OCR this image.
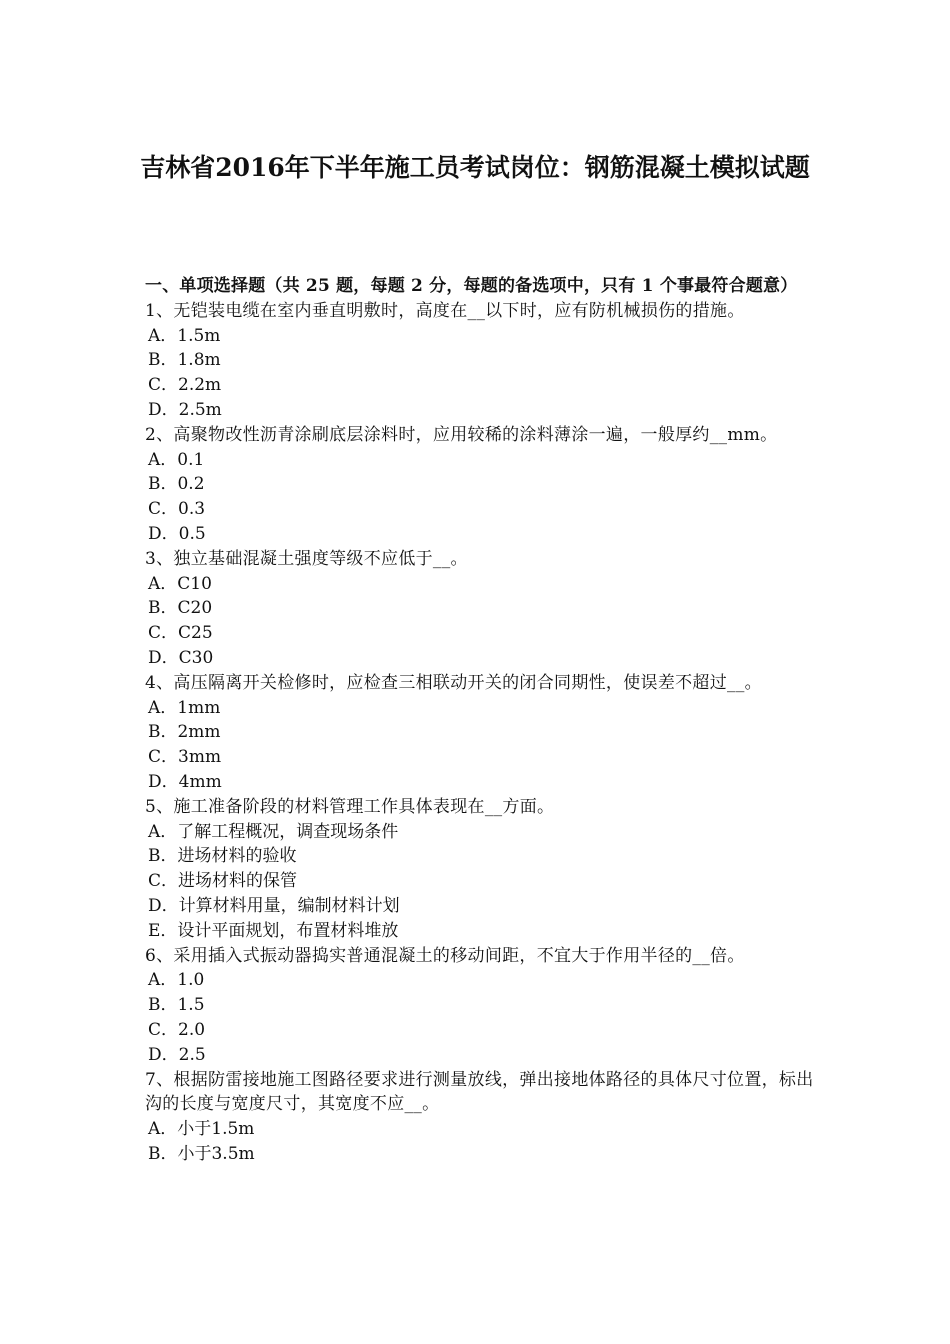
吉林省2016年下半年施工员考试岗位：钢筋混凝土模拟试题
一、单项选择题（共 25 题，每题 2 分，每题的备选项中，只有 1 个事最符合题意）
1、无铠装电缆在室内垂直明敷时，高度在__以下时，应有防机械损伤的措施。
A．1.5m
B．1.8m
C．2.2m
D．2.5m
2、高聚物改性沥青涂刷底层涂料时，应用较稀的涂料薄涂一遍，一般厚约__mm。
A．0.1
B．0.2
C．0.3
D．0.5
3、独立基础混凝土强度等级不应低于__。
A．C10
B．C20
C．C25
D．C30
4、高压隔离开关检修时，应检查三相联动开关的闭合同期性，使误差不超过__。
A．1mm
B．2mm
C．3mm
D．4mm
5、施工准备阶段的材料管理工作具体表现在__方面。
A．了解工程概况，调查现场条件
B．进场材料的验收
C．进场材料的保管
D．计算材料用量，编制材料计划
E．设计平面规划，布置材料堆放
6、采用插入式振动器捣实普通混凝土的移动间距，不宜大于作用半径的__倍。
A．1.0
B．1.5
C．2.0
D．2.5
7、根据防雷接地施工图路径要求进行测量放线，弹出接地体路径的具体尺寸位置，标出沟的长度与宽度尺寸，其宽度不应__。
A．小于1.5m
B．小于3.5m
